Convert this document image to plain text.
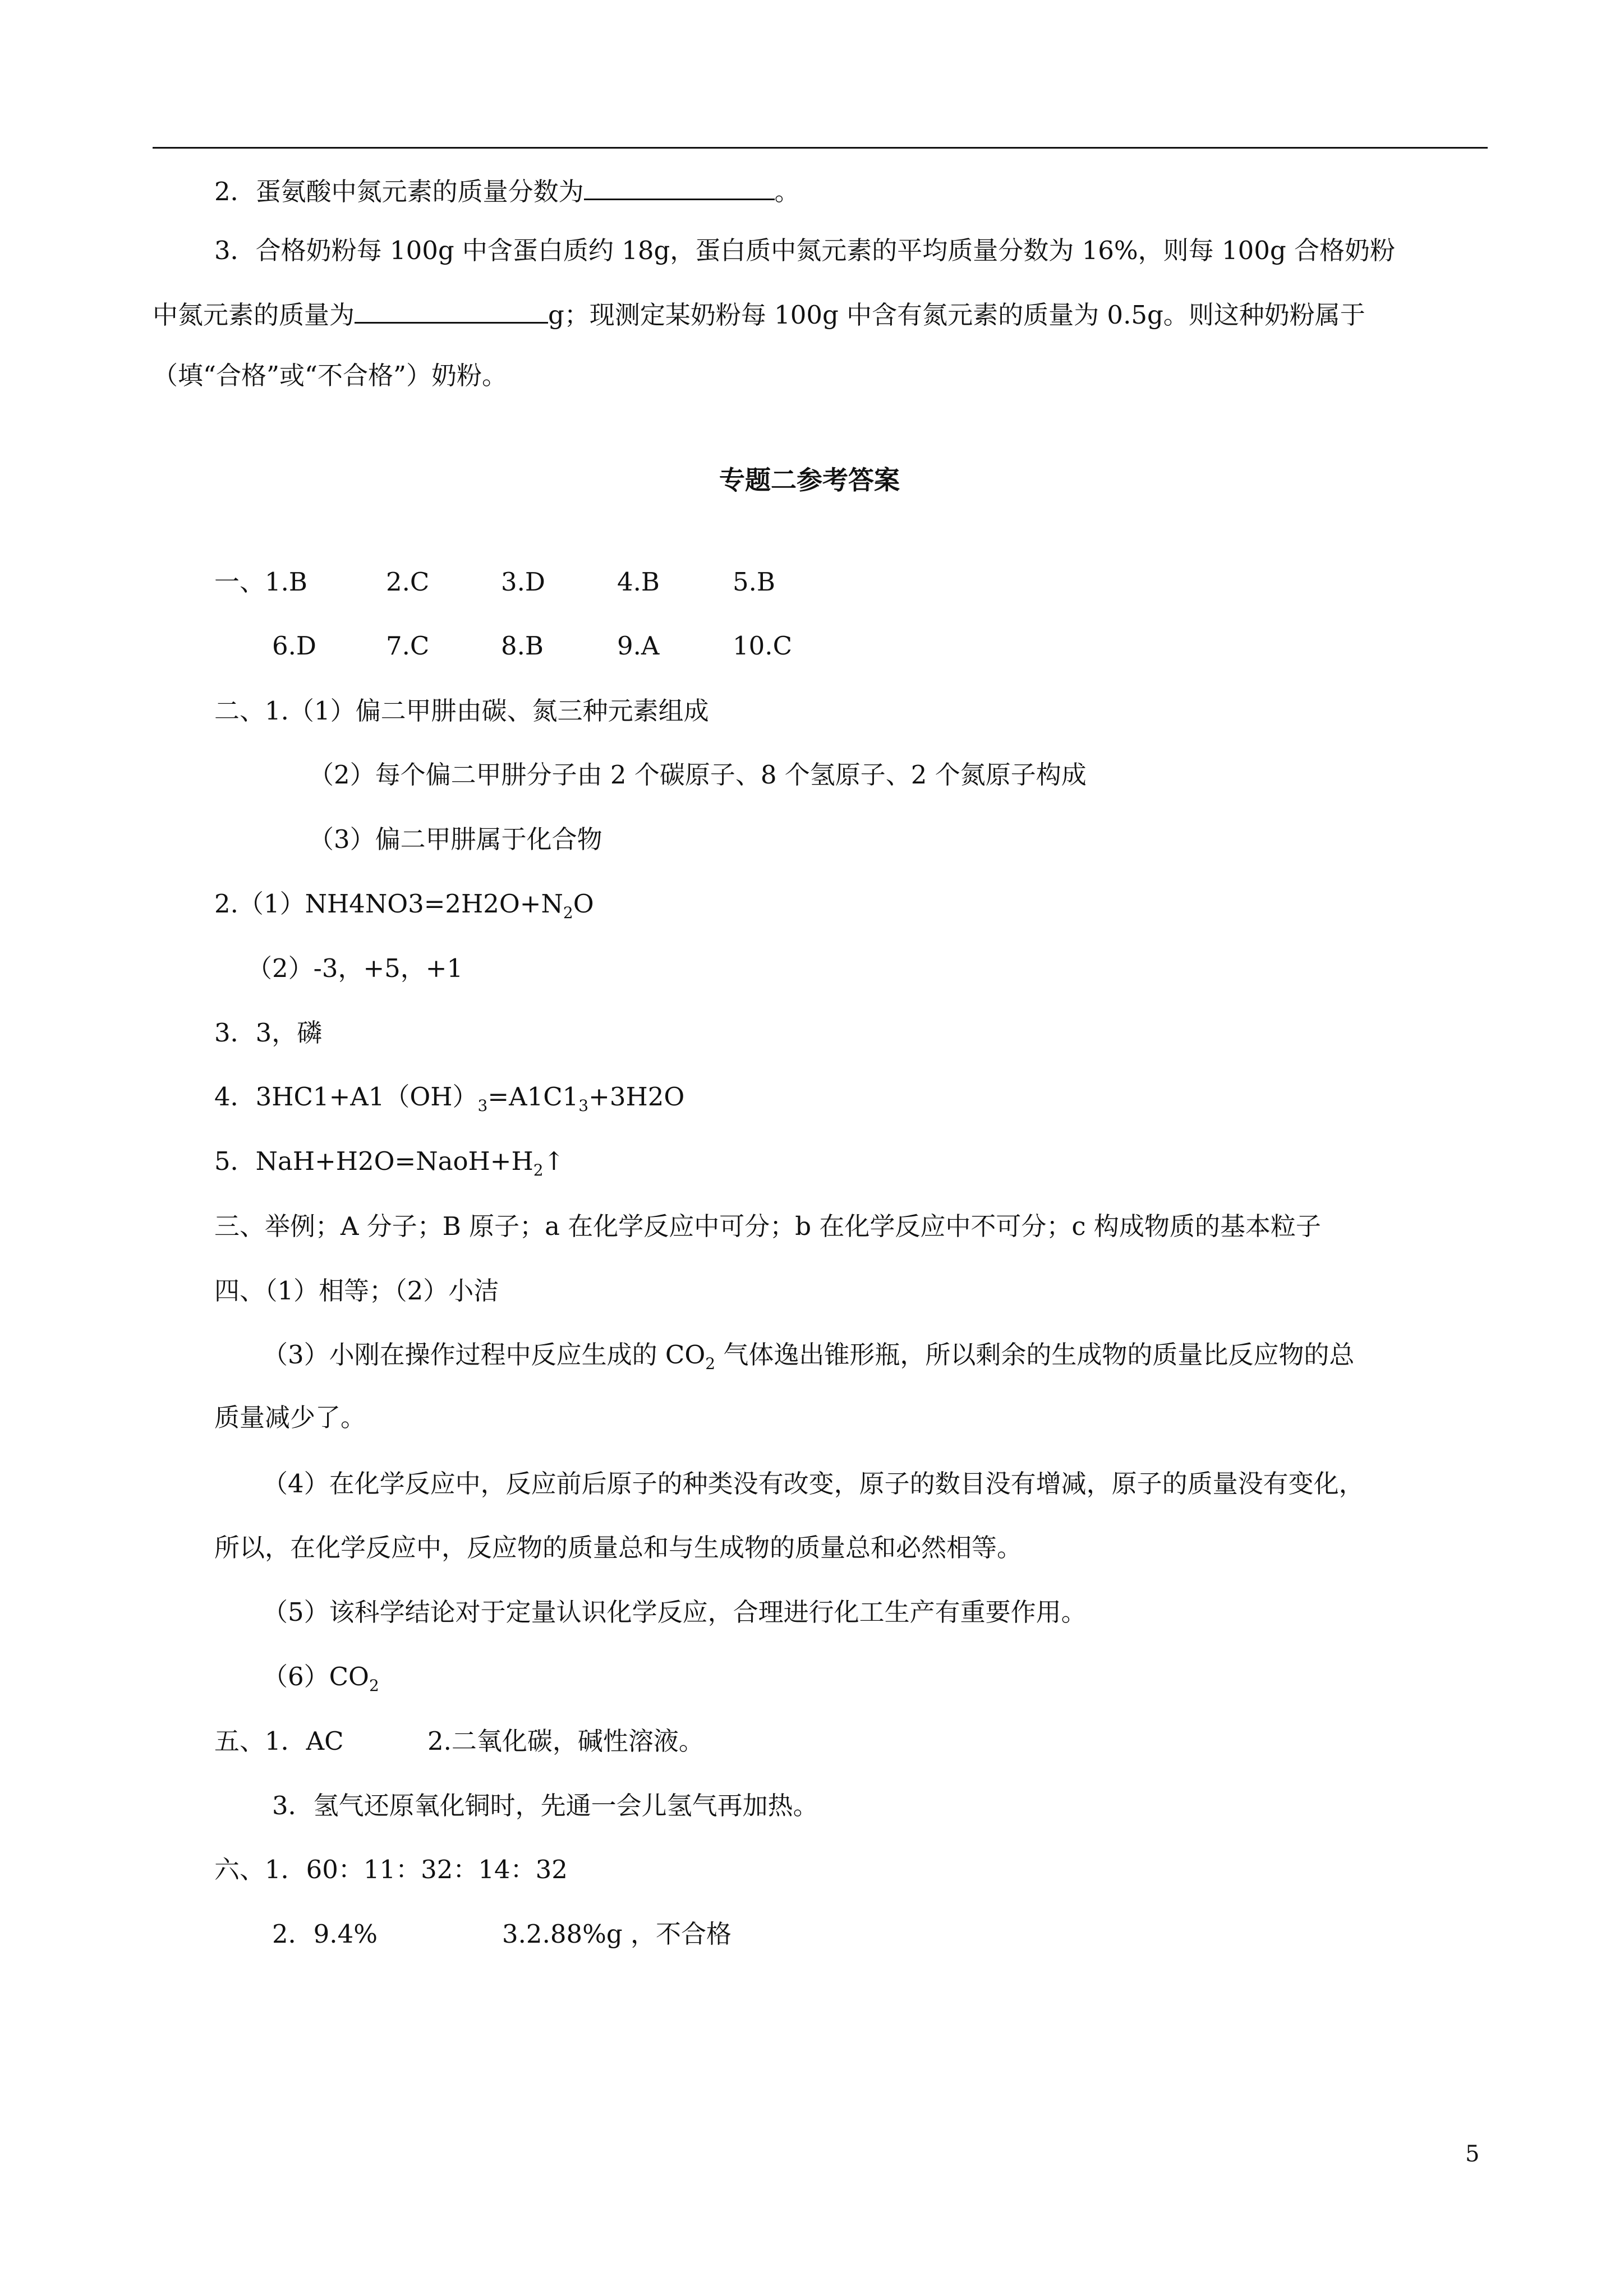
2．蛋氨酸中氮元素的质量分数为	。
3．合格奶粉每 100g 中含蛋白质约 18g，蛋白质中氮元素的平均质量分数为 16%，则每 100g 合格奶粉
中氮元素的质量为	g；现测定某奶粉每 100g 中含有氮元素的质量为 0.5g。则这种奶粉属于
（填“合格”或“不合格”）奶粉。
专题二参考答案
一、1.B	2.C	3.D	4.B	5.B
6.D	7.C	8.B	9.A	10.C
二、1.（1）偏二甲肼由碳、氮三种元素组成
（2）每个偏二甲肼分子由 2 个碳原子、8 个氢原子、2 个氮原子构成
（3）偏二甲肼属于化合物
$2.(1)NH4NO3=2H2O+N_2O$
（2）-3，+5，+1
3．3，磷
4．$3HC1+A1(OH)_3=A1C1_3+3H2O$
5．$NaH+H2O=NaoH+H_2↑$
三、举例；A 分子；B 原子；a 在化学反应中可分；b 在化学反应中不可分；c 构成物质的基本粒子
四、（1）相等；（2）小洁
（3）小刚在操作过程中反应生成的 $CO_2$ 气体逸出锥形瓶，所以剩余的生成物的质量比反应物的总
质量减少了。
（4）在化学反应中，反应前后原子的种类没有改变，原子的数目没有增减，原子的质量没有变化，
所以，在化学反应中，反应物的质量总和与生成物的质量总和必然相等。
（5）该科学结论对于定量认识化学反应，合理进行化工生产有重要作用。
$(6)CO_2$
五、1．AC	2.二氧化碳，碱性溶液。
3．氢气还原氧化铜时，先通一会儿氢气再加热。
六、1．60：11：32：14：32
2．9.4%	3.2.88%g ，不合格
5
